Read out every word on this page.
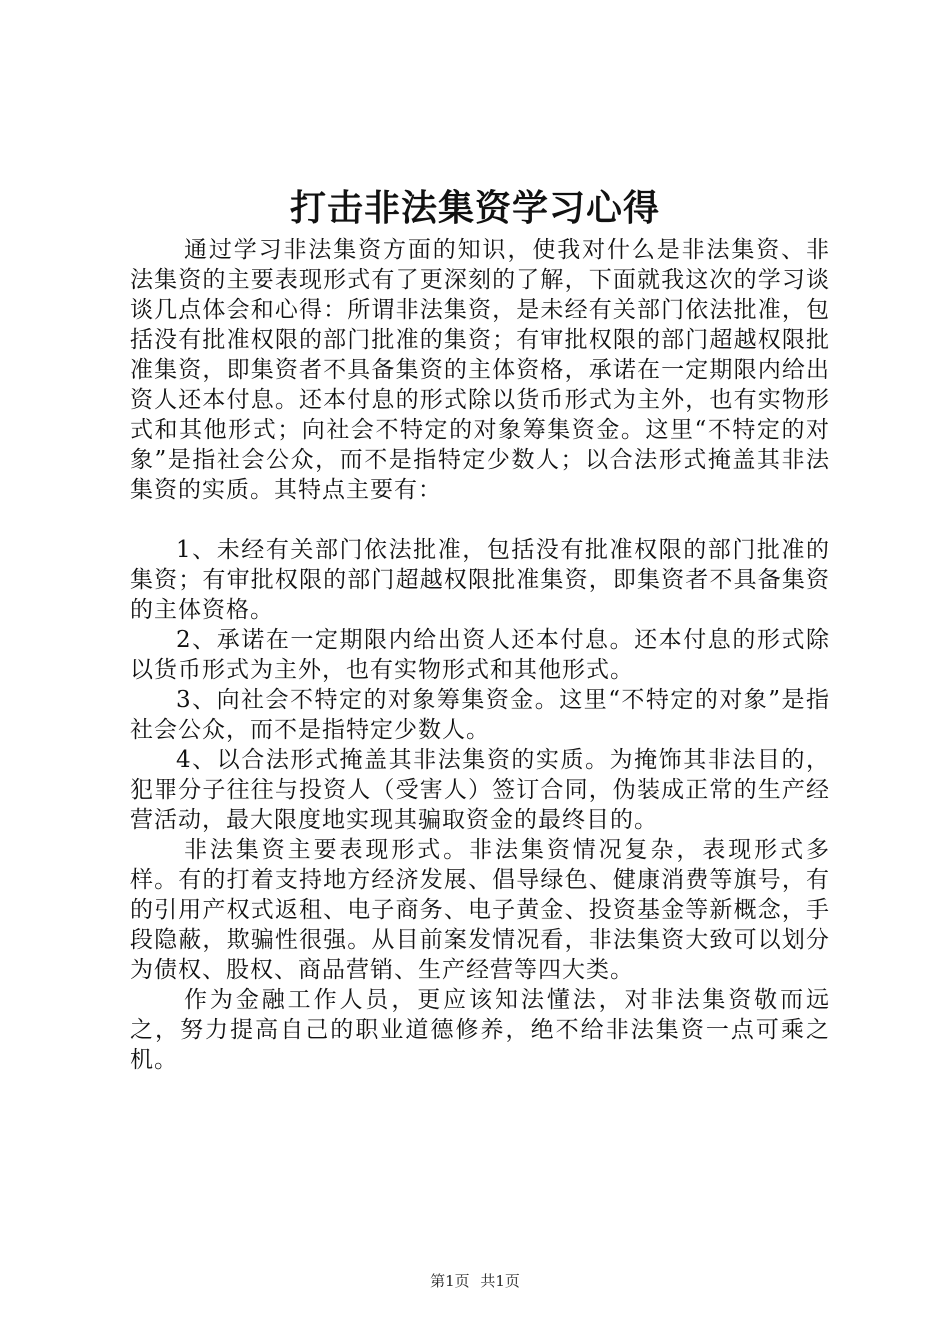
打击非法集资学习心得

通过学习非法集资方面的知识，使我对什么是非法集资、非法集资的主要表现形式有了更深刻的了解，下面就我这次的学习谈谈几点体会和心得：所谓非法集资，是未经有关部门依法批准，包括没有批准权限的部门批准的集资；有审批权限的部门超越权限批准集资，即集资者不具备集资的主体资格，承诺在一定期限内给出资人还本付息。还本付息的形式除以货币形式为主外，也有实物形式和其他形式；向社会不特定的对象筹集资金。这里“不特定的对象”是指社会公众，而不是指特定少数人；以合法形式掩盖其非法集资的实质。其特点主要有：

1、未经有关部门依法批准，包括没有批准权限的部门批准的集资；有审批权限的部门超越权限批准集资，即集资者不具备集资的主体资格。

2、承诺在一定期限内给出资人还本付息。还本付息的形式除以货币形式为主外，也有实物形式和其他形式。

3、向社会不特定的对象筹集资金。这里“不特定的对象”是指社会公众，而不是指特定少数人。

4、以合法形式掩盖其非法集资的实质。为掩饰其非法目的，犯罪分子往往与投资人（受害人）签订合同，伪装成正常的生产经营活动，最大限度地实现其骗取资金的最终目的。

非法集资主要表现形式。非法集资情况复杂，表现形式多样。有的打着支持地方经济发展、倡导绿色、健康消费等旗号，有的引用产权式返租、电子商务、电子黄金、投资基金等新概念，手段隐蔽，欺骗性很强。从目前案发情况看，非法集资大致可以划分为债权、股权、商品营销、生产经营等四大类。

作为金融工作人员，更应该知法懂法，对非法集资敬而远之，努力提高自己的职业道德修养，绝不给非法集资一点可乘之机。

第1页 共1页
